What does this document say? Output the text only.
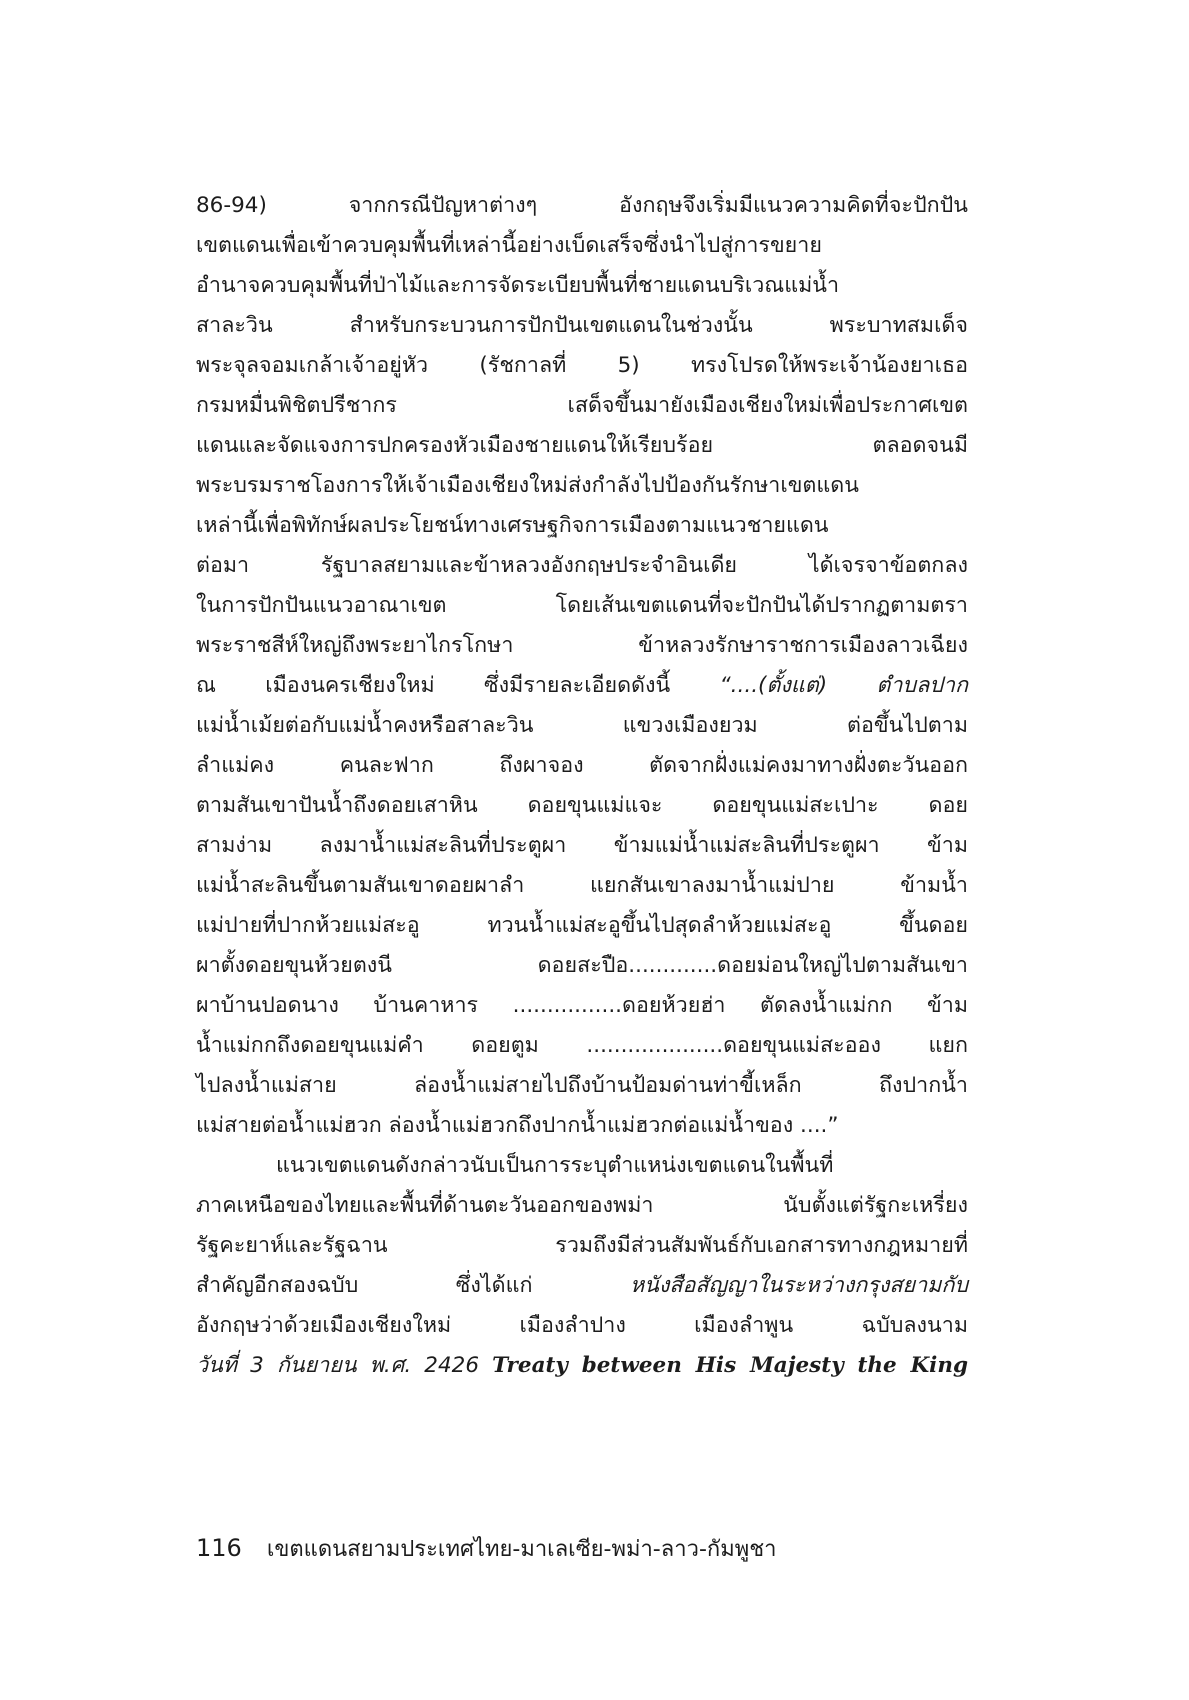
86-94) จากกรณีปัญหาต่างๆ อังกฤษจึงเริ่มมีแนวความคิดที่จะปักปัน
เขตแดนเพื่อเข้าควบคุมพื้นที่เหล่านี้อย่างเบ็ดเสร็จซึ่งนำไปสู่การขยาย
อำนาจควบคุมพื้นที่ป่าไม้และการจัดระเบียบพื้นที่ชายแดนบริเวณแม่น้ำ
สาละวิน สำหรับกระบวนการปักปันเขตแดนในช่วงนั้น พระบาทสมเด็จ
พระจุลจอมเกล้าเจ้าอยู่หัว (รัชกาลที่ 5) ทรงโปรดให้พระเจ้าน้องยาเธอ
กรมหมื่นพิชิตปรีชากร เสด็จขึ้นมายังเมืองเชียงใหม่เพื่อประกาศเขต
แดนและจัดแจงการปกครองหัวเมืองชายแดนให้เรียบร้อย ตลอดจนมี
พระบรมราชโองการให้เจ้าเมืองเชียงใหม่ส่งกำลังไปป้องกันรักษาเขตแดน
เหล่านี้เพื่อพิทักษ์ผลประโยชน์ทางเศรษฐกิจการเมืองตามแนวชายแดน
ต่อมา รัฐบาลสยามและข้าหลวงอังกฤษประจำอินเดีย ได้เจรจาข้อตกลง
ในการปักปันแนวอาณาเขต โดยเส้นเขตแดนที่จะปักปันได้ปรากฏตามตรา
พระราชสีห์ใหญ่ถึงพระยาไกรโกษา ข้าหลวงรักษาราชการเมืองลาวเฉียง
ณ เมืองนครเชียงใหม่ ซึ่งมีรายละเอียดดังนี้ “....(ตั้งแต่) ตำบลปาก
แม่น้ำเม้ยต่อกับแม่น้ำคงหรือสาละวิน แขวงเมืองยวม ต่อขึ้นไปตาม
ลำแม่คง คนละฟาก ถึงผาจอง ตัดจากฝั่งแม่คงมาทางฝั่งตะวันออก
ตามสันเขาปันน้ำถึงดอยเสาหิน ดอยขุนแม่แจะ ดอยขุนแม่สะเปาะ ดอย
สามง่าม ลงมาน้ำแม่สะลินที่ประตูผา ข้ามแม่น้ำแม่สะลินที่ประตูผา ข้าม
แม่น้ำสะลินขึ้นตามสันเขาดอยผาลำ แยกสันเขาลงมาน้ำแม่ปาย ข้ามน้ำ
แม่ปายที่ปากห้วยแม่สะอู ทวนน้ำแม่สะอูขึ้นไปสุดลำห้วยแม่สะอู ขึ้นดอย
ผาตั้งดอยขุนห้วยตงนี ดอยสะปือ.............ดอยม่อนใหญ่ไปตามสันเขา
ผาบ้านปอดนาง บ้านคาหาร ................ดอยห้วยฮ่า ตัดลงน้ำแม่กก ข้าม
น้ำแม่กกถึงดอยขุนแม่คำ ดอยตูม ....................ดอยขุนแม่สะออง แยก
ไปลงน้ำแม่สาย ล่องน้ำแม่สายไปถึงบ้านป้อมด่านท่าขี้เหล็ก ถึงปากน้ำ
แม่สายต่อน้ำแม่ฮวก ล่องน้ำแม่ฮวกถึงปากน้ำแม่ฮวกต่อแม่น้ำของ ....”
แนวเขตแดนดังกล่าวนับเป็นการระบุตำแหน่งเขตแดนในพื้นที่
ภาคเหนือของไทยและพื้นที่ด้านตะวันออกของพม่า นับตั้งแต่รัฐกะเหรี่ยง
รัฐคะยาห์และรัฐฉาน รวมถึงมีส่วนสัมพันธ์กับเอกสารทางกฎหมายที่
สำคัญอีกสองฉบับ ซึ่งได้แก่	หนังสือสัญญาในระหว่างกรุงสยามกับ
อังกฤษว่าด้วยเมืองเชียงใหม่ เมืองลำปาง เมืองลำพูน ฉบับลงนาม
วันที่ 3 กันยายน พ.ศ. 2426 Treaty between His Majesty the King
116 เขตแดนสยามประเทศไทย-มาเลเซีย-พม่า-ลาว-กัมพูชา
